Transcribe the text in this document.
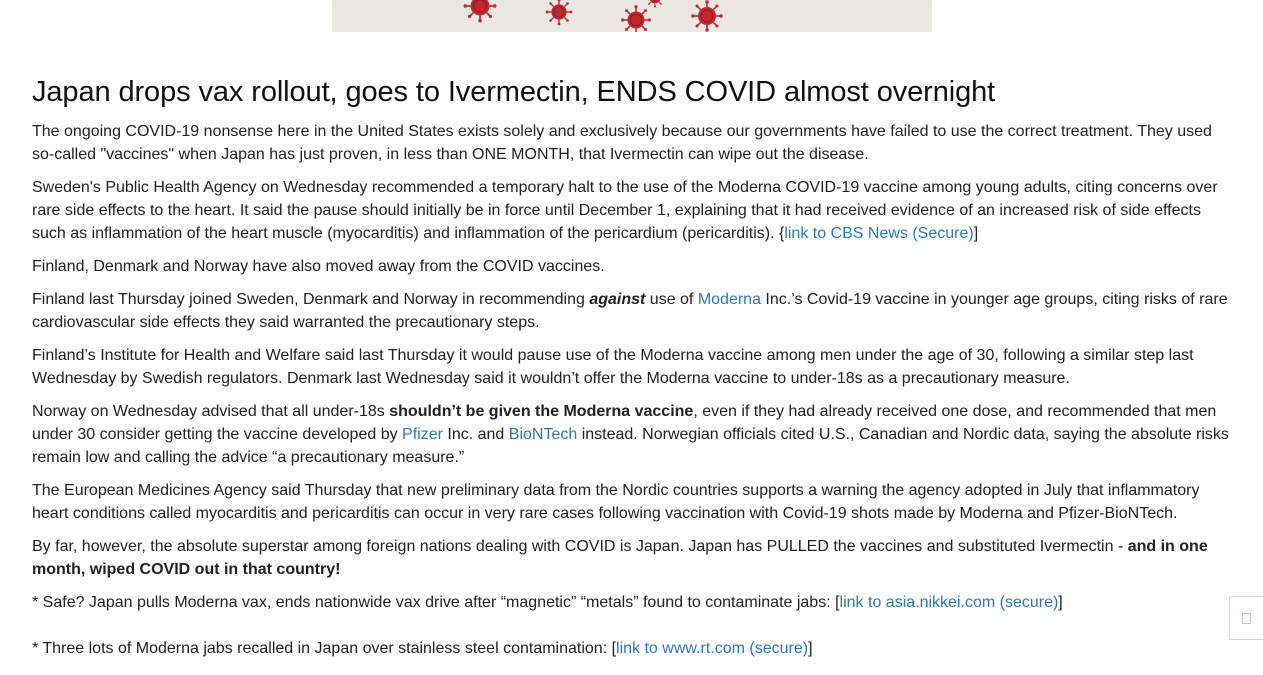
Japan drops vax rollout, goes to Ivermectin, ENDS COVID almost overnight

The ongoing COVID-19 nonsense here in the United States exists solely and exclusively because our governments have failed to use the correct treatment. They used so-called "vaccines" when Japan has just proven, in less than ONE MONTH, that Ivermectin can wipe out the disease.

Sweden's Public Health Agency on Wednesday recommended a temporary halt to the use of the Moderna COVID-19 vaccine among young adults, citing concerns over rare side effects to the heart. It said the pause should initially be in force until December 1, explaining that it had received evidence of an increased risk of side effects such as inflammation of the heart muscle (myocarditis) and inflammation of the pericardium (pericarditis). {link to CBS News (Secure)]

Finland, Denmark and Norway have also moved away from the COVID vaccines.

Finland last Thursday joined Sweden, Denmark and Norway in recommending against use of Moderna Inc.’s Covid-19 vaccine in younger age groups, citing risks of rare cardiovascular side effects they said warranted the precautionary steps.

Finland’s Institute for Health and Welfare said last Thursday it would pause use of the Moderna vaccine among men under the age of 30, following a similar step last Wednesday by Swedish regulators. Denmark last Wednesday said it wouldn’t offer the Moderna vaccine to under-18s as a precautionary measure.

Norway on Wednesday advised that all under-18s shouldn’t be given the Moderna vaccine, even if they had already received one dose, and recommended that men under 30 consider getting the vaccine developed by Pfizer Inc. and BioNTech instead. Norwegian officials cited U.S., Canadian and Nordic data, saying the absolute risks remain low and calling the advice “a precautionary measure.”

The European Medicines Agency said Thursday that new preliminary data from the Nordic countries supports a warning the agency adopted in July that inflammatory heart conditions called myocarditis and pericarditis can occur in very rare cases following vaccination with Covid-19 shots made by Moderna and Pfizer-BioNTech.

By far, however, the absolute superstar among foreign nations dealing with COVID is Japan. Japan has PULLED the vaccines and substituted Ivermectin - and in one month, wiped COVID out in that country!

* Safe? Japan pulls Moderna vax, ends nationwide vax drive after “magnetic” “metals” found to contaminate jabs: [link to asia.nikkei.com (secure)]

* Three lots of Moderna jabs recalled in Japan over stainless steel contamination: [link to www.rt.com (secure)]
